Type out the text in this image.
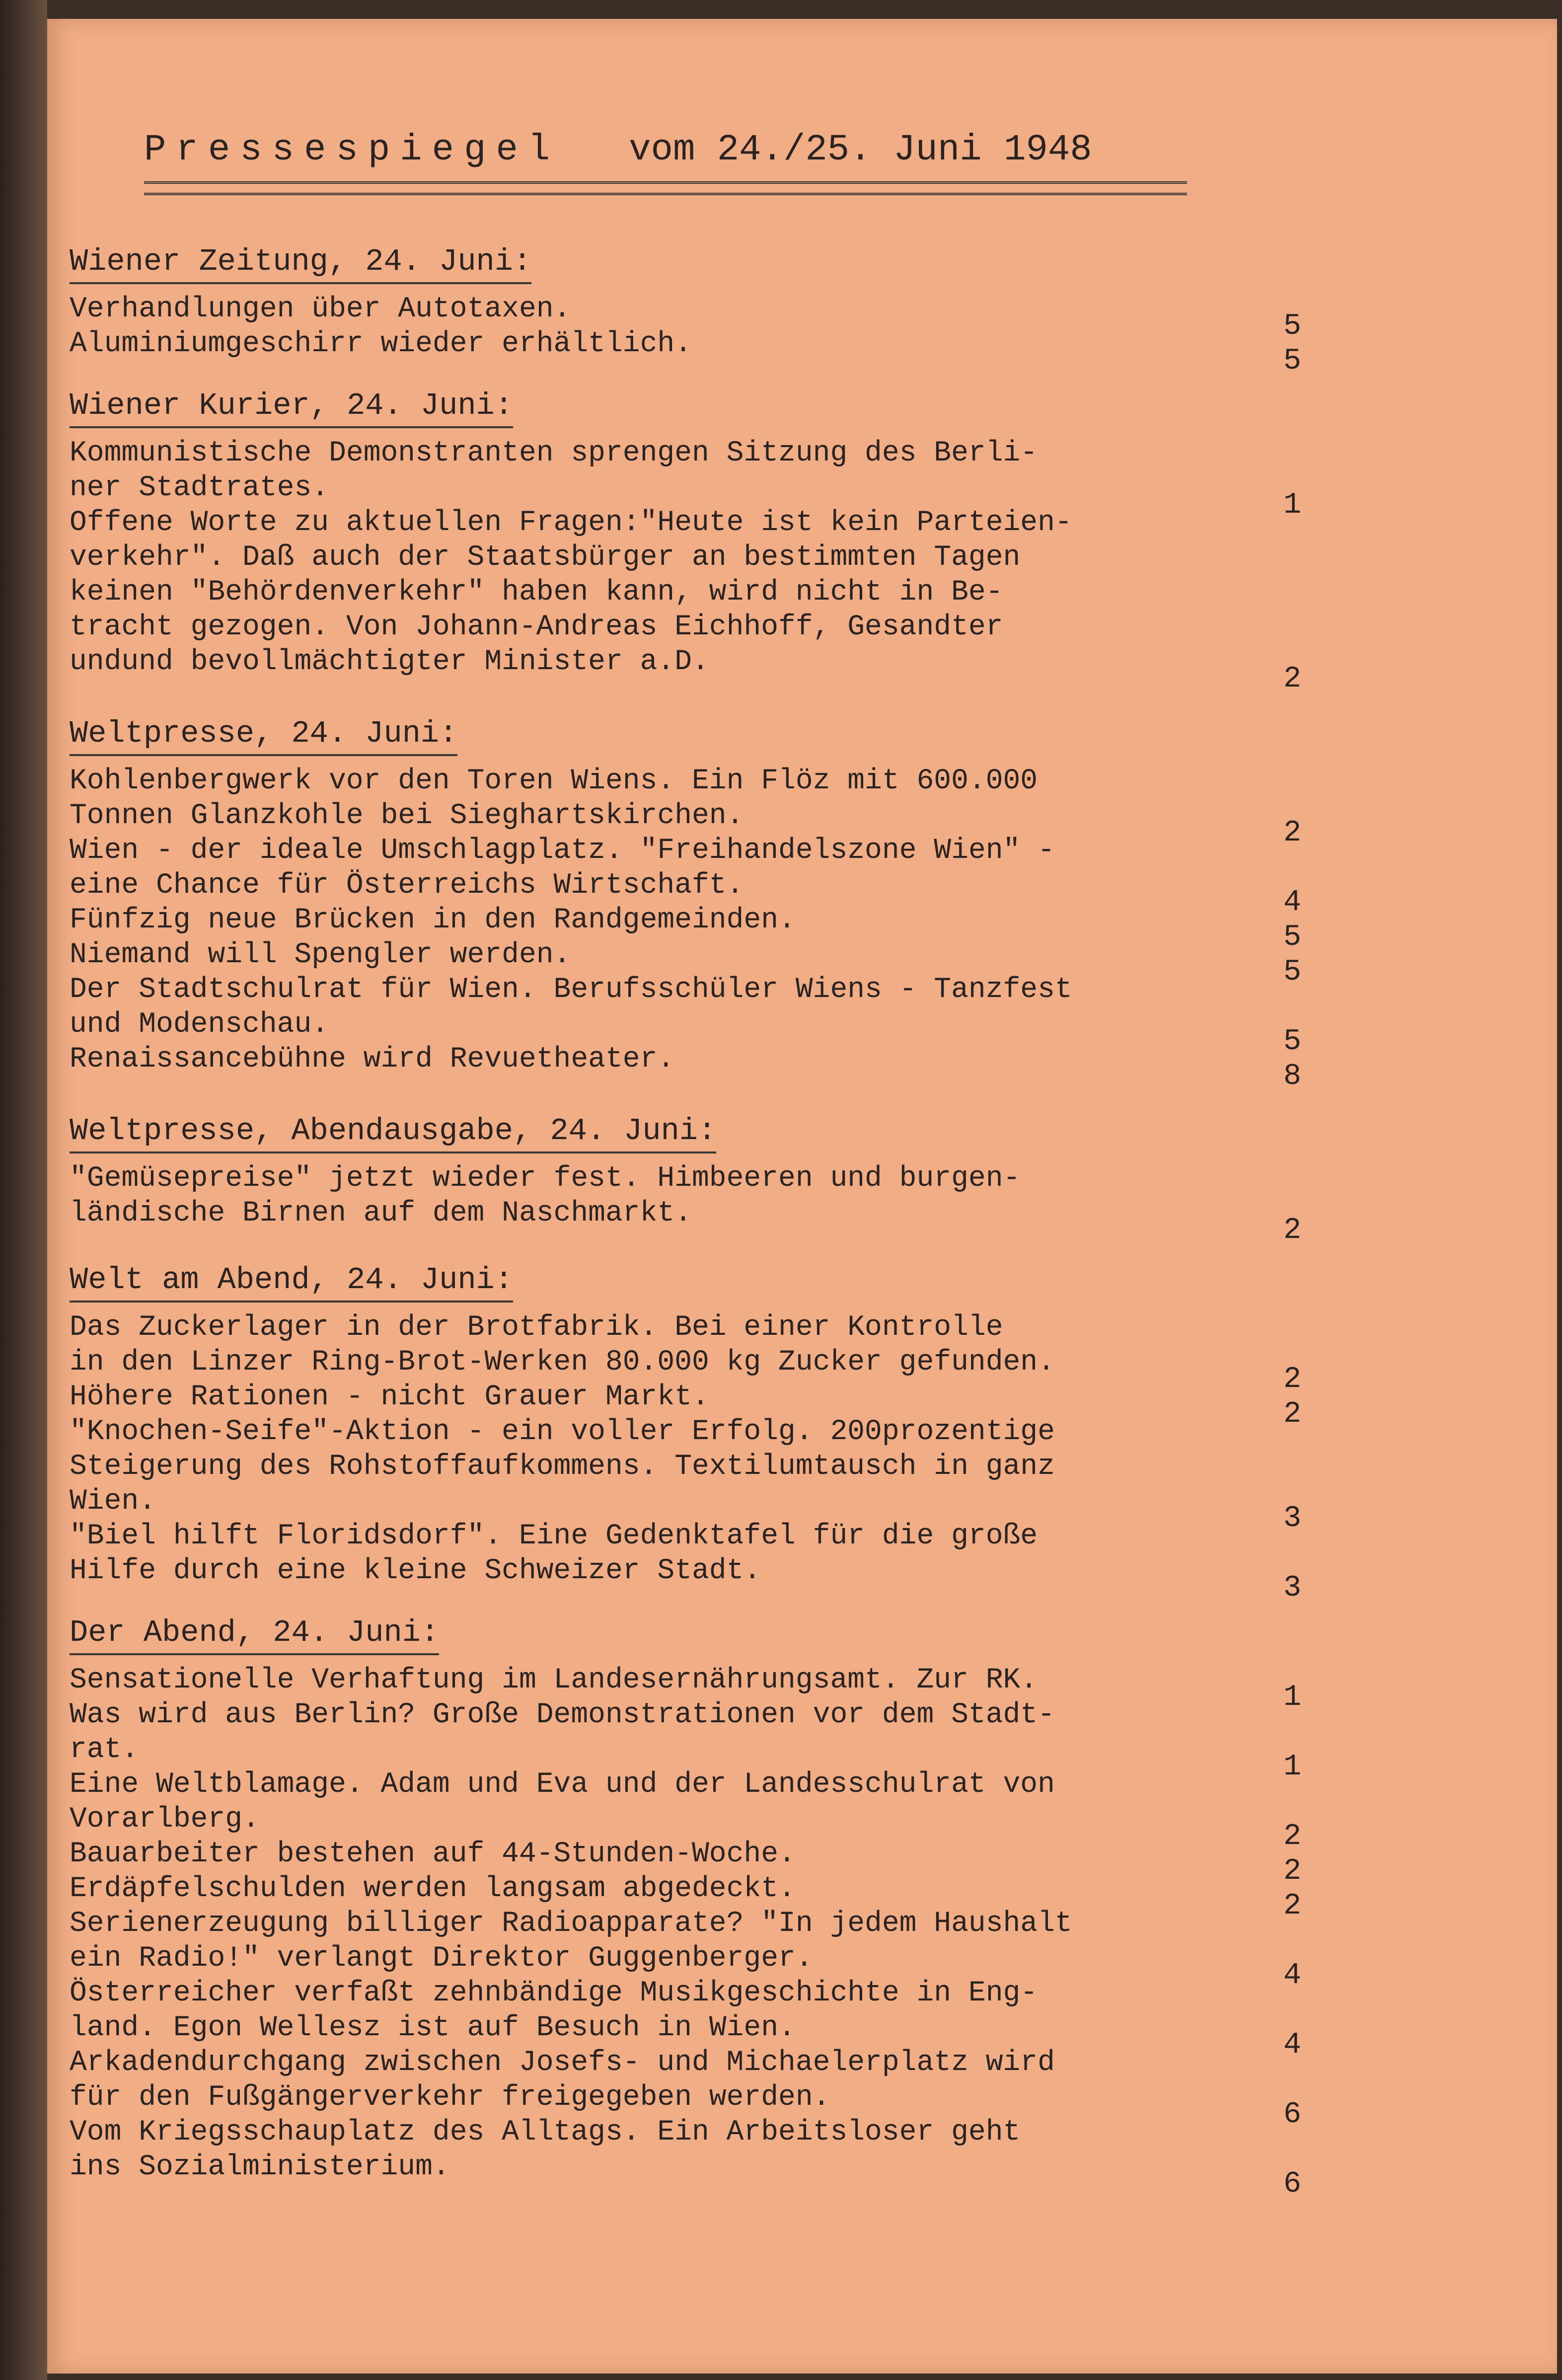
Pressespiegel vom 24./25. Juni 1948
Wiener Zeitung, 24. Juni:
Verhandlungen über Autotaxen.
5
Aluminiumgeschirr wieder erhältlich.
5
Wiener Kurier, 24. Juni:
Kommunistische Demonstranten sprengen Sitzung des Berli-
ner Stadtrates.
1
Offene Worte zu aktuellen Fragen:"Heute ist kein Parteien-
verkehr". Daß auch der Staatsbürger an bestimmten Tagen
keinen "Behördenverkehr" haben kann, wird nicht in Be-
tracht gezogen. Von Johann-Andreas Eichhoff, Gesandter
undund bevollmächtigter Minister a.D.
2
Weltpresse, 24. Juni:
Kohlenbergwerk vor den Toren Wiens. Ein Flöz mit 600.000
Tonnen Glanzkohle bei Sieghartskirchen.
2
Wien - der ideale Umschlagplatz. "Freihandelszone Wien" -
eine Chance für Österreichs Wirtschaft.
4
Fünfzig neue Brücken in den Randgemeinden.
5
Niemand will Spengler werden.
5
Der Stadtschulrat für Wien. Berufsschüler Wiens - Tanzfest
und Modenschau.
5
Renaissancebühne wird Revuetheater.
8
Weltpresse, Abendausgabe, 24. Juni:
"Gemüsepreise" jetzt wieder fest. Himbeeren und burgen-
ländische Birnen auf dem Naschmarkt.
2
Welt am Abend, 24. Juni:
Das Zuckerlager in der Brotfabrik. Bei einer Kontrolle
in den Linzer Ring-Brot-Werken 80.000 kg Zucker gefunden.
2
Höhere Rationen - nicht Grauer Markt.
2
"Knochen-Seife"-Aktion - ein voller Erfolg. 200prozentige
Steigerung des Rohstoffaufkommens. Textilumtausch in ganz
Wien.
3
"Biel hilft Floridsdorf". Eine Gedenktafel für die große
Hilfe durch eine kleine Schweizer Stadt.
3
Der Abend, 24. Juni:
Sensationelle Verhaftung im Landesernährungsamt. Zur RK.
1
Was wird aus Berlin? Große Demonstrationen vor dem Stadt-
rat.
1
Eine Weltblamage. Adam und Eva und der Landesschulrat von
Vorarlberg.
2
Bauarbeiter bestehen auf 44-Stunden-Woche.
2
Erdäpfelschulden werden langsam abgedeckt.
2
Serienerzeugung billiger Radioapparate? "In jedem Haushalt
ein Radio!" verlangt Direktor Guggenberger.
4
Österreicher verfaßt zehnbändige Musikgeschichte in Eng-
land. Egon Wellesz ist auf Besuch in Wien.
4
Arkadendurchgang zwischen Josefs- und Michaelerplatz wird
für den Fußgängerverkehr freigegeben werden.
6
Vom Kriegsschauplatz des Alltags. Ein Arbeitsloser geht
ins Sozialministerium.
6
